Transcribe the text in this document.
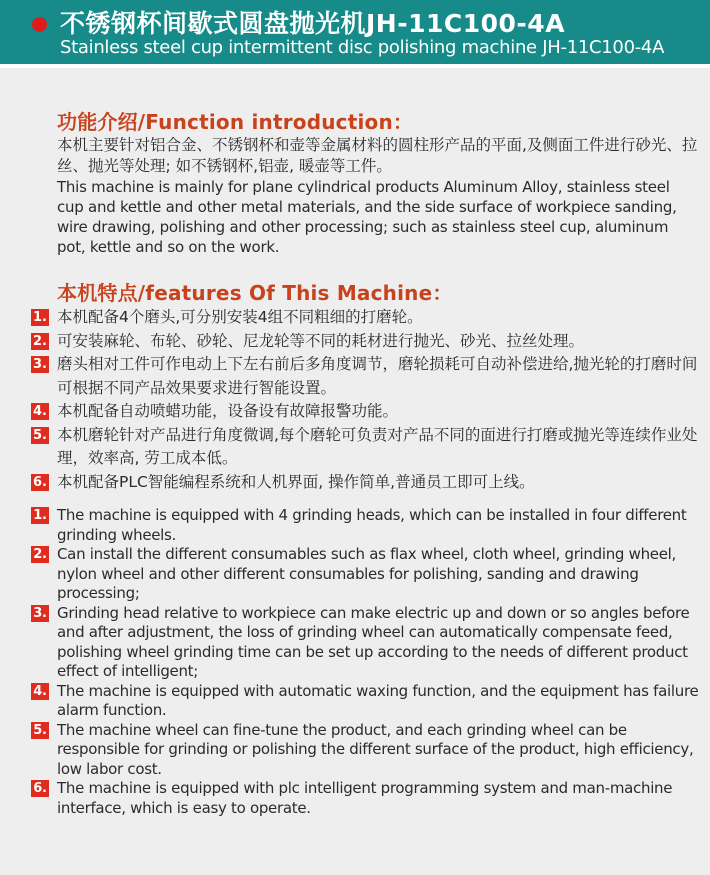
不锈钢杯间歇式圆盘抛光机JH-11C100-4A
Stainless steel cup intermittent disc polishing machine JH-11C100-4A
功能介绍/Function introduction：

本机主要针对铝合金、不锈钢杯和壶等金属材料的圆柱形产品的平面,及侧面工件进行砂光、拉丝、抛光等处理; 如不锈钢杯,铝壶, 暖壶等工件。

This machine is mainly for plane cylindrical products Aluminum Alloy, stainless steel cup and kettle and other metal materials, and the side surface of workpiece sanding, wire drawing, polishing and other processing; such as stainless steel cup, aluminum pot, kettle and so on the work.

本机特点/features Of This Machine：
1. 本机配备4个磨头,可分别安装4组不同粗细的打磨轮。
2. 可安装麻轮、布轮、砂轮、尼龙轮等不同的耗材进行抛光、砂光、拉丝处理。
3. 磨头相对工件可作电动上下左右前后多角度调节，磨轮损耗可自动补偿进给,抛光轮的打磨时间可根据不同产品效果要求进行智能设置。
4. 本机配备自动喷蜡功能，设备设有故障报警功能。
5. 本机磨轮针对产品进行角度微调,每个磨轮可负责对产品不同的面进行打磨或抛光等连续作业处理，效率高, 劳工成本低。
6. 本机配备PLC智能编程系统和人机界面, 操作简单,普通员工即可上线。
1. The machine is equipped with 4 grinding heads, which can be installed in four different grinding wheels.
2. Can install the different consumables such as flax wheel, cloth wheel, grinding wheel, nylon wheel and other different consumables for polishing, sanding and drawing processing;
3. Grinding head relative to workpiece can make electric up and down or so angles before and after adjustment, the loss of grinding wheel can automatically compensate feed, polishing wheel grinding time can be set up according to the needs of different product effect of intelligent;
4. The machine is equipped with automatic waxing function, and the equipment has failure alarm function.
5. The machine wheel can fine-tune the product, and each grinding wheel can be responsible for grinding or polishing the different surface of the product, high efficiency, low labor cost.
6. The machine is equipped with plc intelligent programming system and man-machine interface, which is easy to operate.
